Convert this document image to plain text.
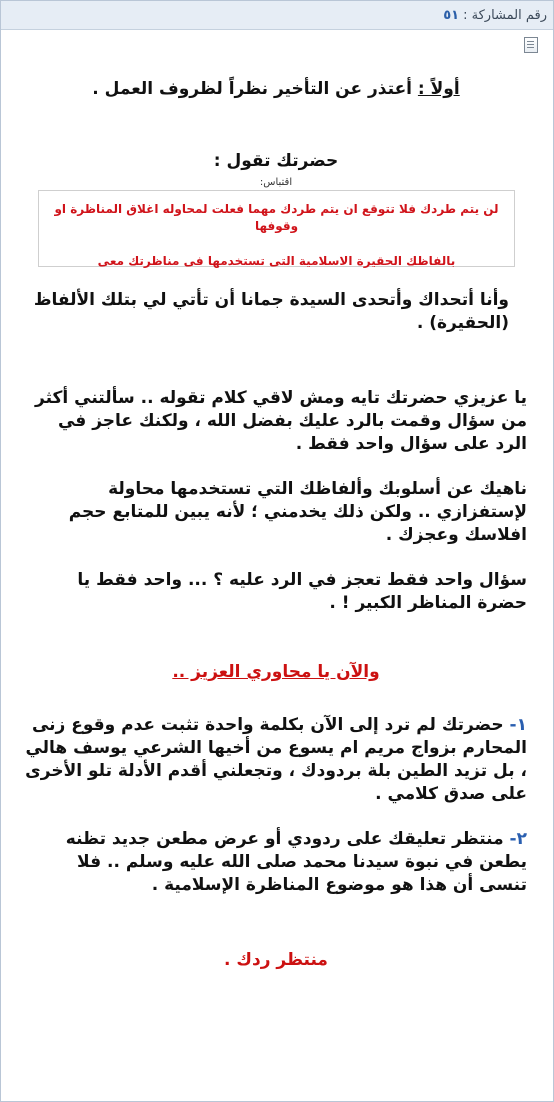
رقم المشاركة :
٥١

أولاً : أعتذر عن التأخير نظراً لظروف العمل .

حضرتك تقول :

اقتباس:

لن يتم طردك فلا تتوقع ان يتم طردك مهما فعلت لمحاوله اغلاق المناظرة او وقوفها

بالفاظك الحقيرة الاسلامية التى تستخدمها فى مناظرتك معى

وأنا أتحداك وأتحدى السيدة جمانا أن تأتي لي بتلك الألفاظ (الحقيرة) .

يا عزيزي حضرتك تايه ومش لاقي كلام تقوله .. سألتني أكثر من سؤال وقمت بالرد عليك بفضل الله ، ولكنك عاجز في الرد على سؤال واحد فقط .

ناهيك عن أسلوبك وألفاظك التي تستخدمها محاولة لإستفزازي .. ولكن ذلك يخدمني ؛ لأنه يبين للمتابع حجم افلاسك وعجزك .

سؤال واحد فقط تعجز في الرد عليه ؟ ... واحد فقط يا حضرة المناظر الكبير ! .

والآن يا محاوري العزيز ..

١- حضرتك لم ترد إلى الآن بكلمة واحدة تثبت عدم وقوع زنى المحارم بزواج مريم ام يسوع من أخيها الشرعي يوسف هالي ، بل تزيد الطين بلة بردودك ، وتجعلني أقدم الأدلة تلو الأخرى على صدق كلامي .

٢- منتظر تعليقك على ردودي أو عرض مطعن جديد تظنه يطعن في نبوة سيدنا محمد صلى الله عليه وسلم .. فلا تنسى أن هذا هو موضوع المناظرة الإسلامية .

منتظر ردك .
